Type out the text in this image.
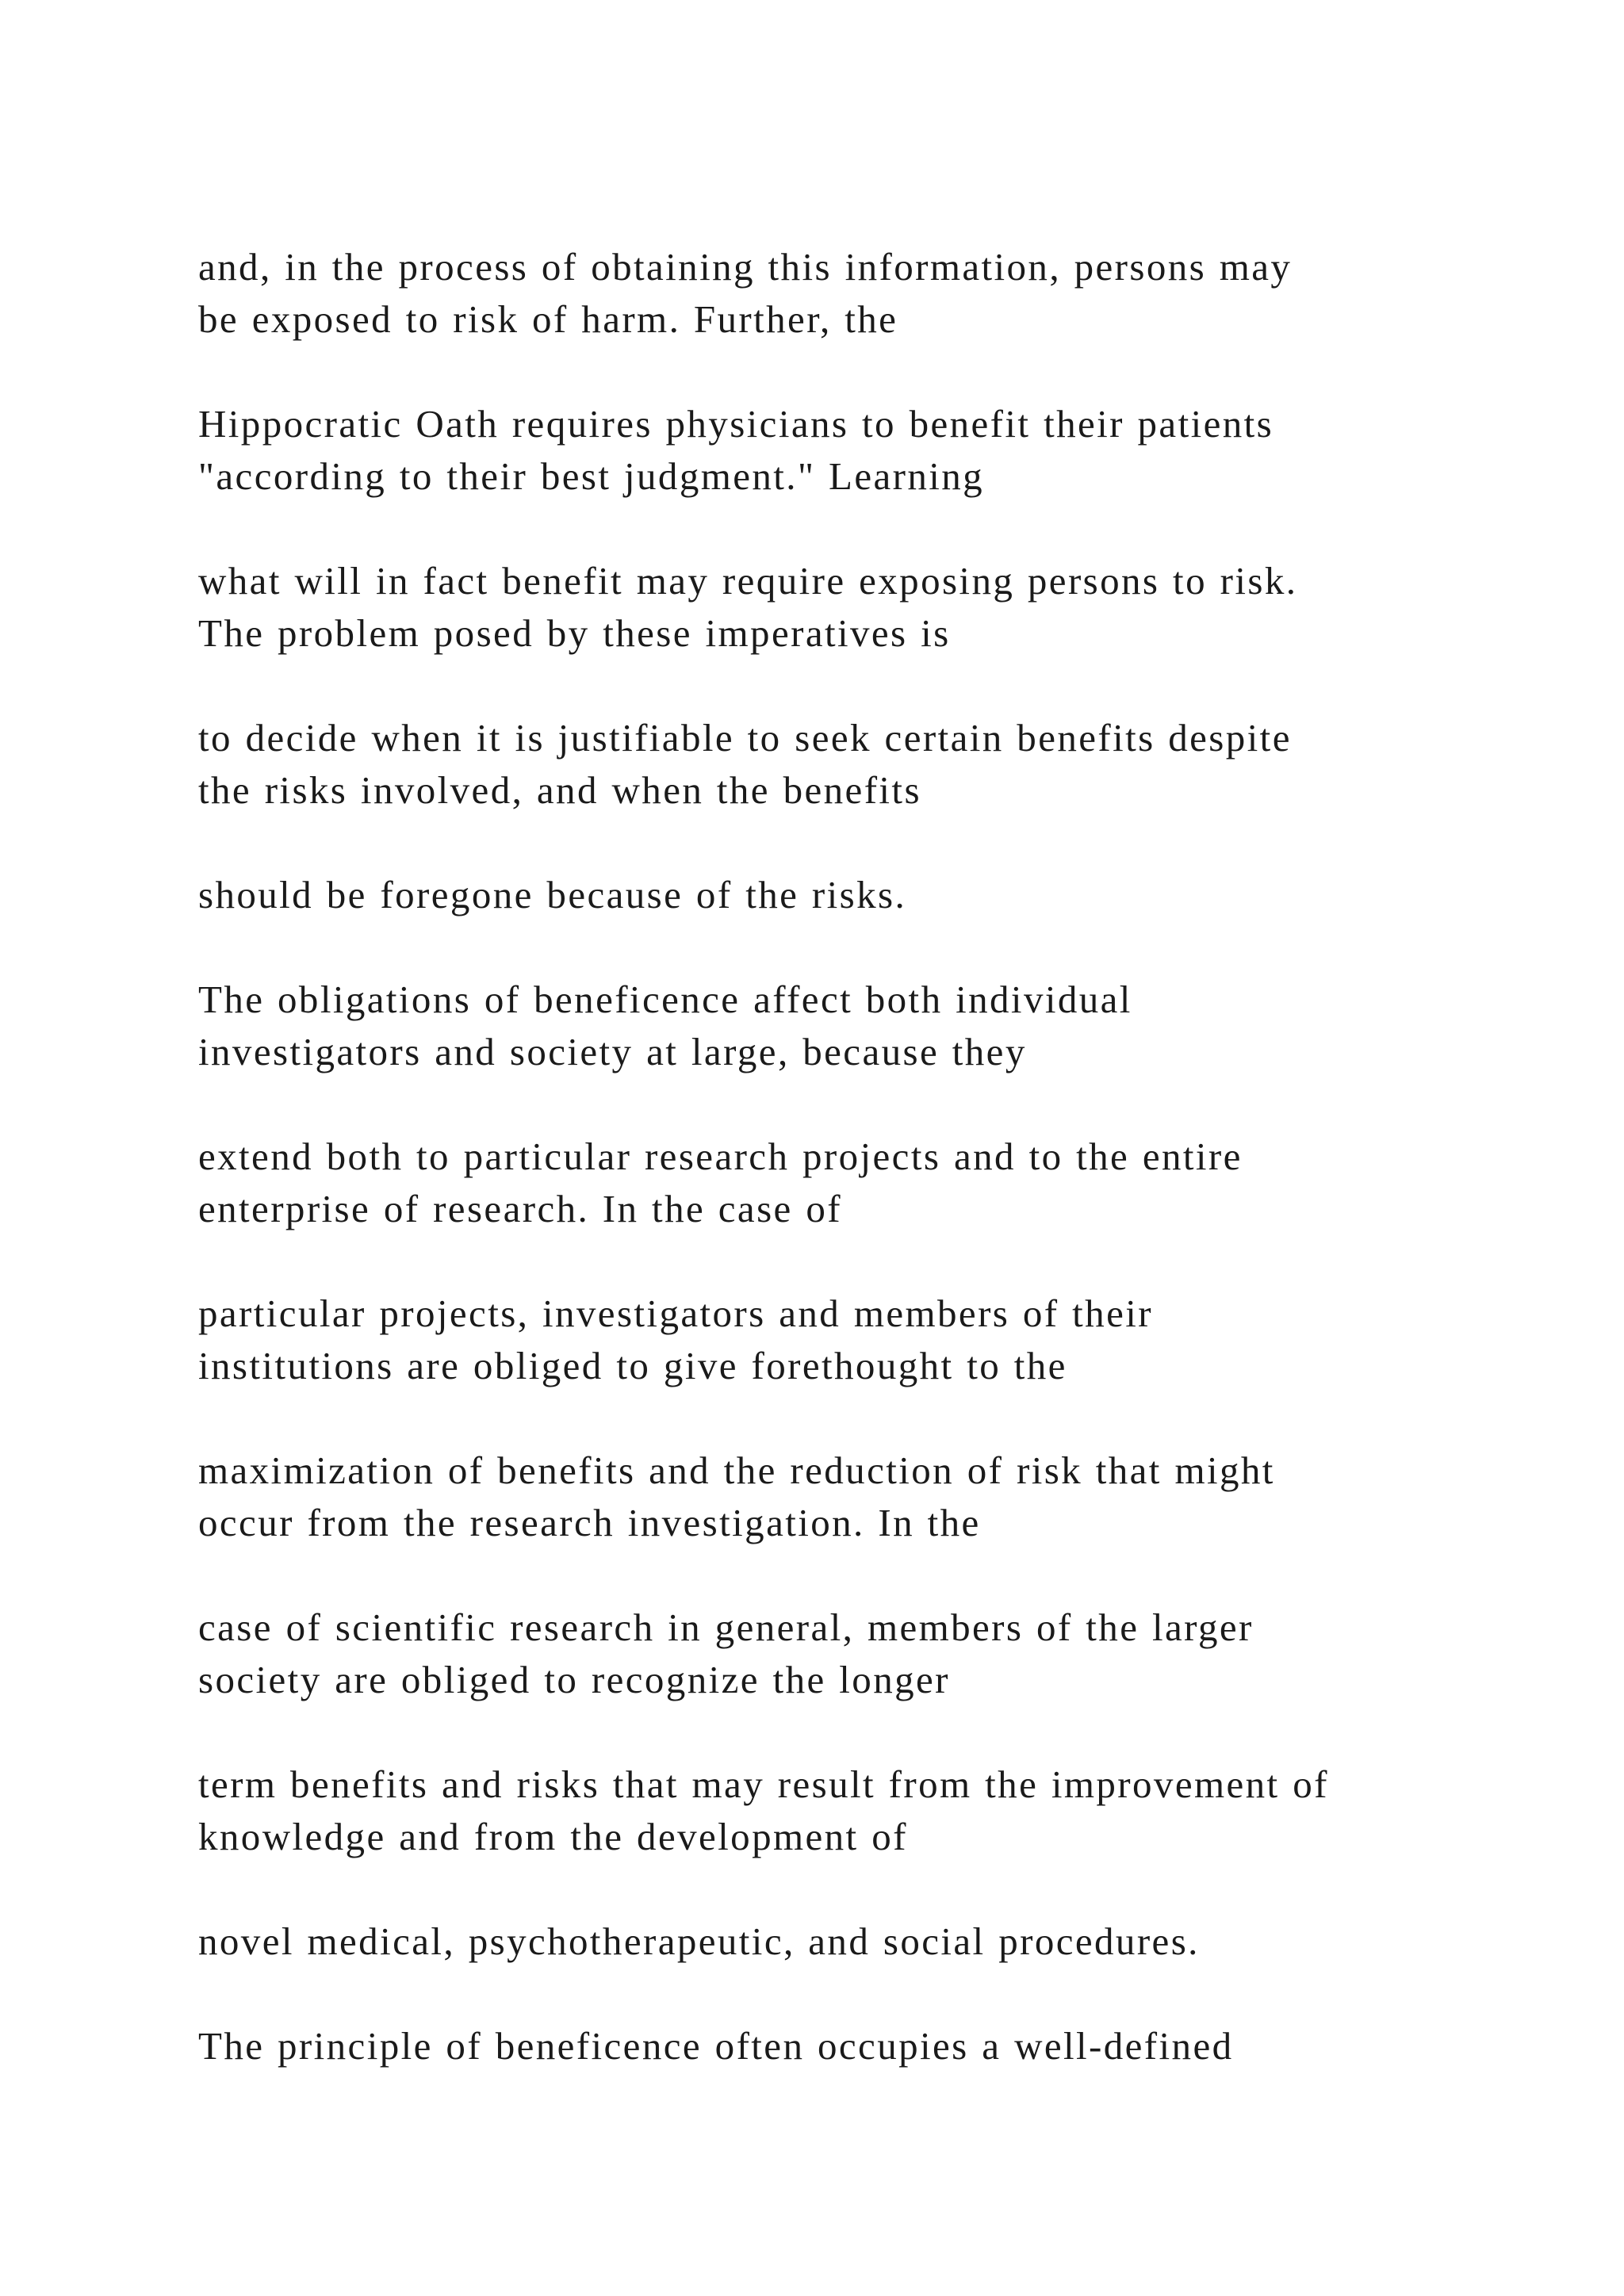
and, in the process of obtaining this information, persons may
be exposed to risk of harm. Further, the

Hippocratic Oath requires physicians to benefit their patients
"according to their best judgment." Learning

what will in fact benefit may require exposing persons to risk.
The problem posed by these imperatives is

to decide when it is justifiable to seek certain benefits despite
the risks involved, and when the benefits

should be foregone because of the risks.

The obligations of beneficence affect both individual
investigators and society at large, because they

extend both to particular research projects and to the entire
enterprise of research. In the case of

particular projects, investigators and members of their
institutions are obliged to give forethought to the

maximization of benefits and the reduction of risk that might
occur from the research investigation. In the

case of scientific research in general, members of the larger
society are obliged to recognize the longer

term benefits and risks that may result from the improvement of
knowledge and from the development of

novel medical, psychotherapeutic, and social procedures.

The principle of beneficence often occupies a well-defined
